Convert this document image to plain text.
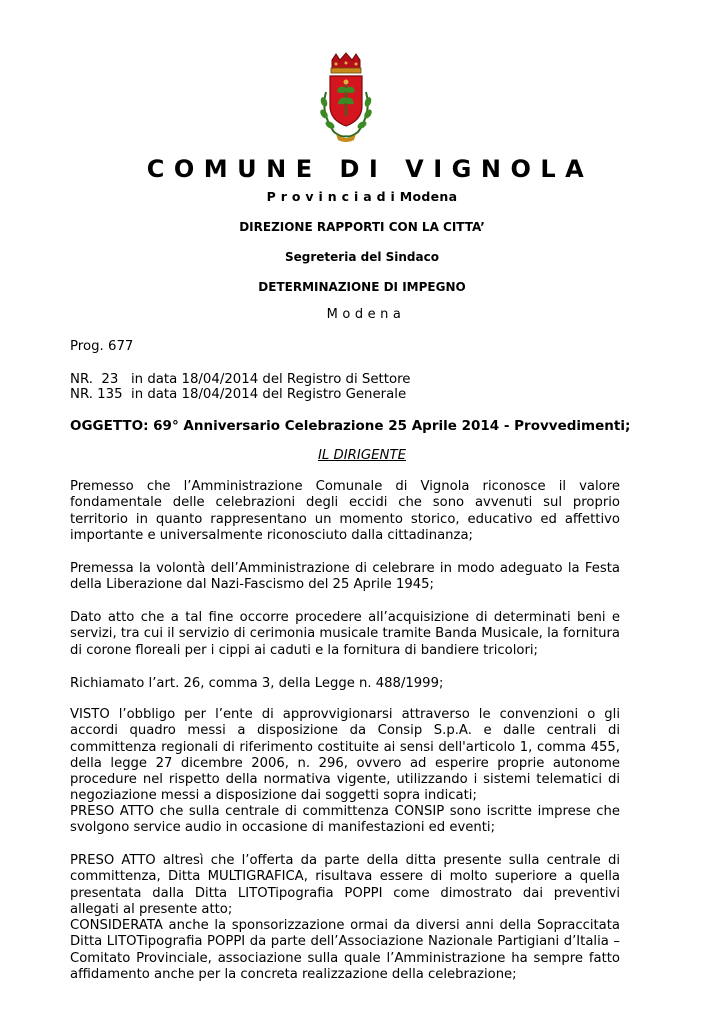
COMUNE DI VIGNOLA
P r o v i n c i a d i Modena
DIREZIONE RAPPORTI CON LA CITTA’
Segreteria del Sindaco
DETERMINAZIONE DI IMPEGNO
Modena
Prog. 677
NR.  23   in data 18/04/2014 del Registro di Settore
NR. 135  in data 18/04/2014 del Registro Generale
OGGETTO: 69° Anniversario Celebrazione 25 Aprile 2014 - Provvedimenti;
IL DIRIGENTE
Premesso che l’Amministrazione Comunale di Vignola riconosce il valore fondamentale delle celebrazioni degli eccidi che sono avvenuti sul proprio territorio in quanto rappresentano un momento storico, educativo ed affettivo importante e universalmente riconosciuto dalla cittadinanza;
Premessa la volontà dell’Amministrazione di celebrare in modo adeguato la Festa della Liberazione dal Nazi-Fascismo del 25 Aprile 1945;
Dato atto che a tal fine occorre procedere all’acquisizione di determinati beni e servizi, tra cui il servizio di cerimonia musicale tramite Banda Musicale, la fornitura di corone floreali per i cippi ai caduti e la fornitura di bandiere tricolori;
Richiamato l’art. 26, comma 3, della Legge n. 488/1999;
VISTO l’obbligo per l’ente di approvvigionarsi attraverso le convenzioni o gli accordi quadro messi a disposizione da Consip S.p.A. e dalle centrali di committenza regionali di riferimento costituite ai sensi dell'articolo 1, comma 455, della legge 27 dicembre 2006, n. 296, ovvero ad esperire proprie autonome procedure nel rispetto della normativa vigente, utilizzando i sistemi telematici di negoziazione messi a disposizione dai soggetti sopra indicati;
PRESO ATTO che sulla centrale di committenza CONSIP sono iscritte imprese che svolgono service audio in occasione di manifestazioni ed eventi;
PRESO ATTO altresì che l’offerta da parte della ditta presente sulla centrale di committenza, Ditta MULTIGRAFICA, risultava essere di molto superiore a quella presentata dalla Ditta LITOTipografia POPPI come dimostrato dai preventivi allegati al presente atto;
CONSIDERATA anche la sponsorizzazione ormai da diversi anni della Sopraccitata Ditta LITOTipografia POPPI da parte dell’Associazione Nazionale Partigiani d’Italia – Comitato Provinciale, associazione sulla quale l’Amministrazione ha sempre fatto affidamento anche per la concreta realizzazione della celebrazione;
